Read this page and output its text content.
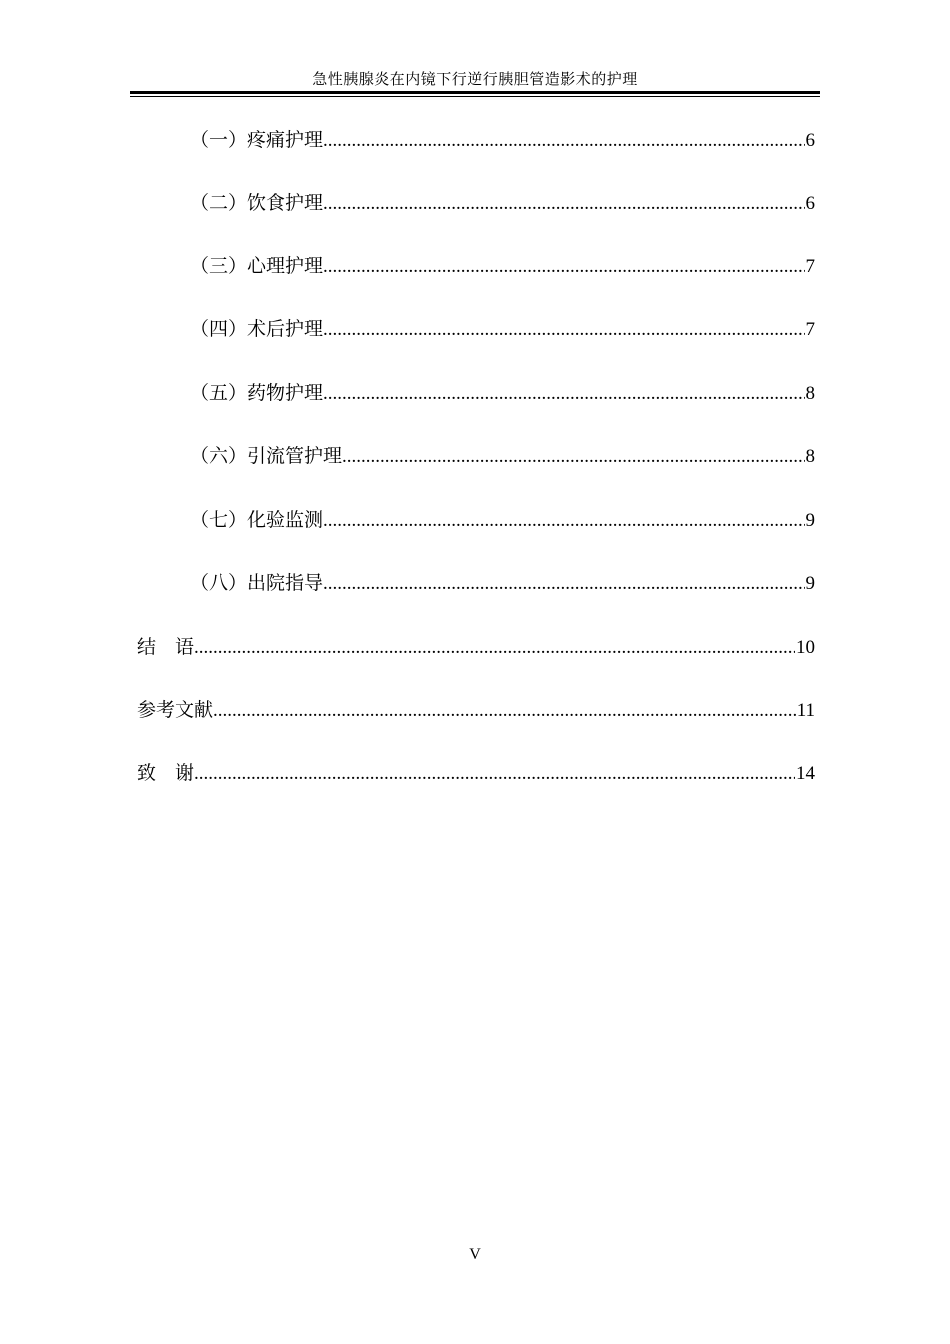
急性胰腺炎在内镜下行逆行胰胆管造影术的护理
（一） 疼痛护理 .....	6
（二） 饮食护理 .....	6
（三） 心理护理 .....	7
（四） 术后护理 .....	7
（五） 药物护理 .....	8
（六） 引流管护理 .....	8
（七） 化验监测 .....	9
（八） 出院指导 .....	9
结　语 .....	10
参考文献 .....	11
致　谢 .....	14
V
